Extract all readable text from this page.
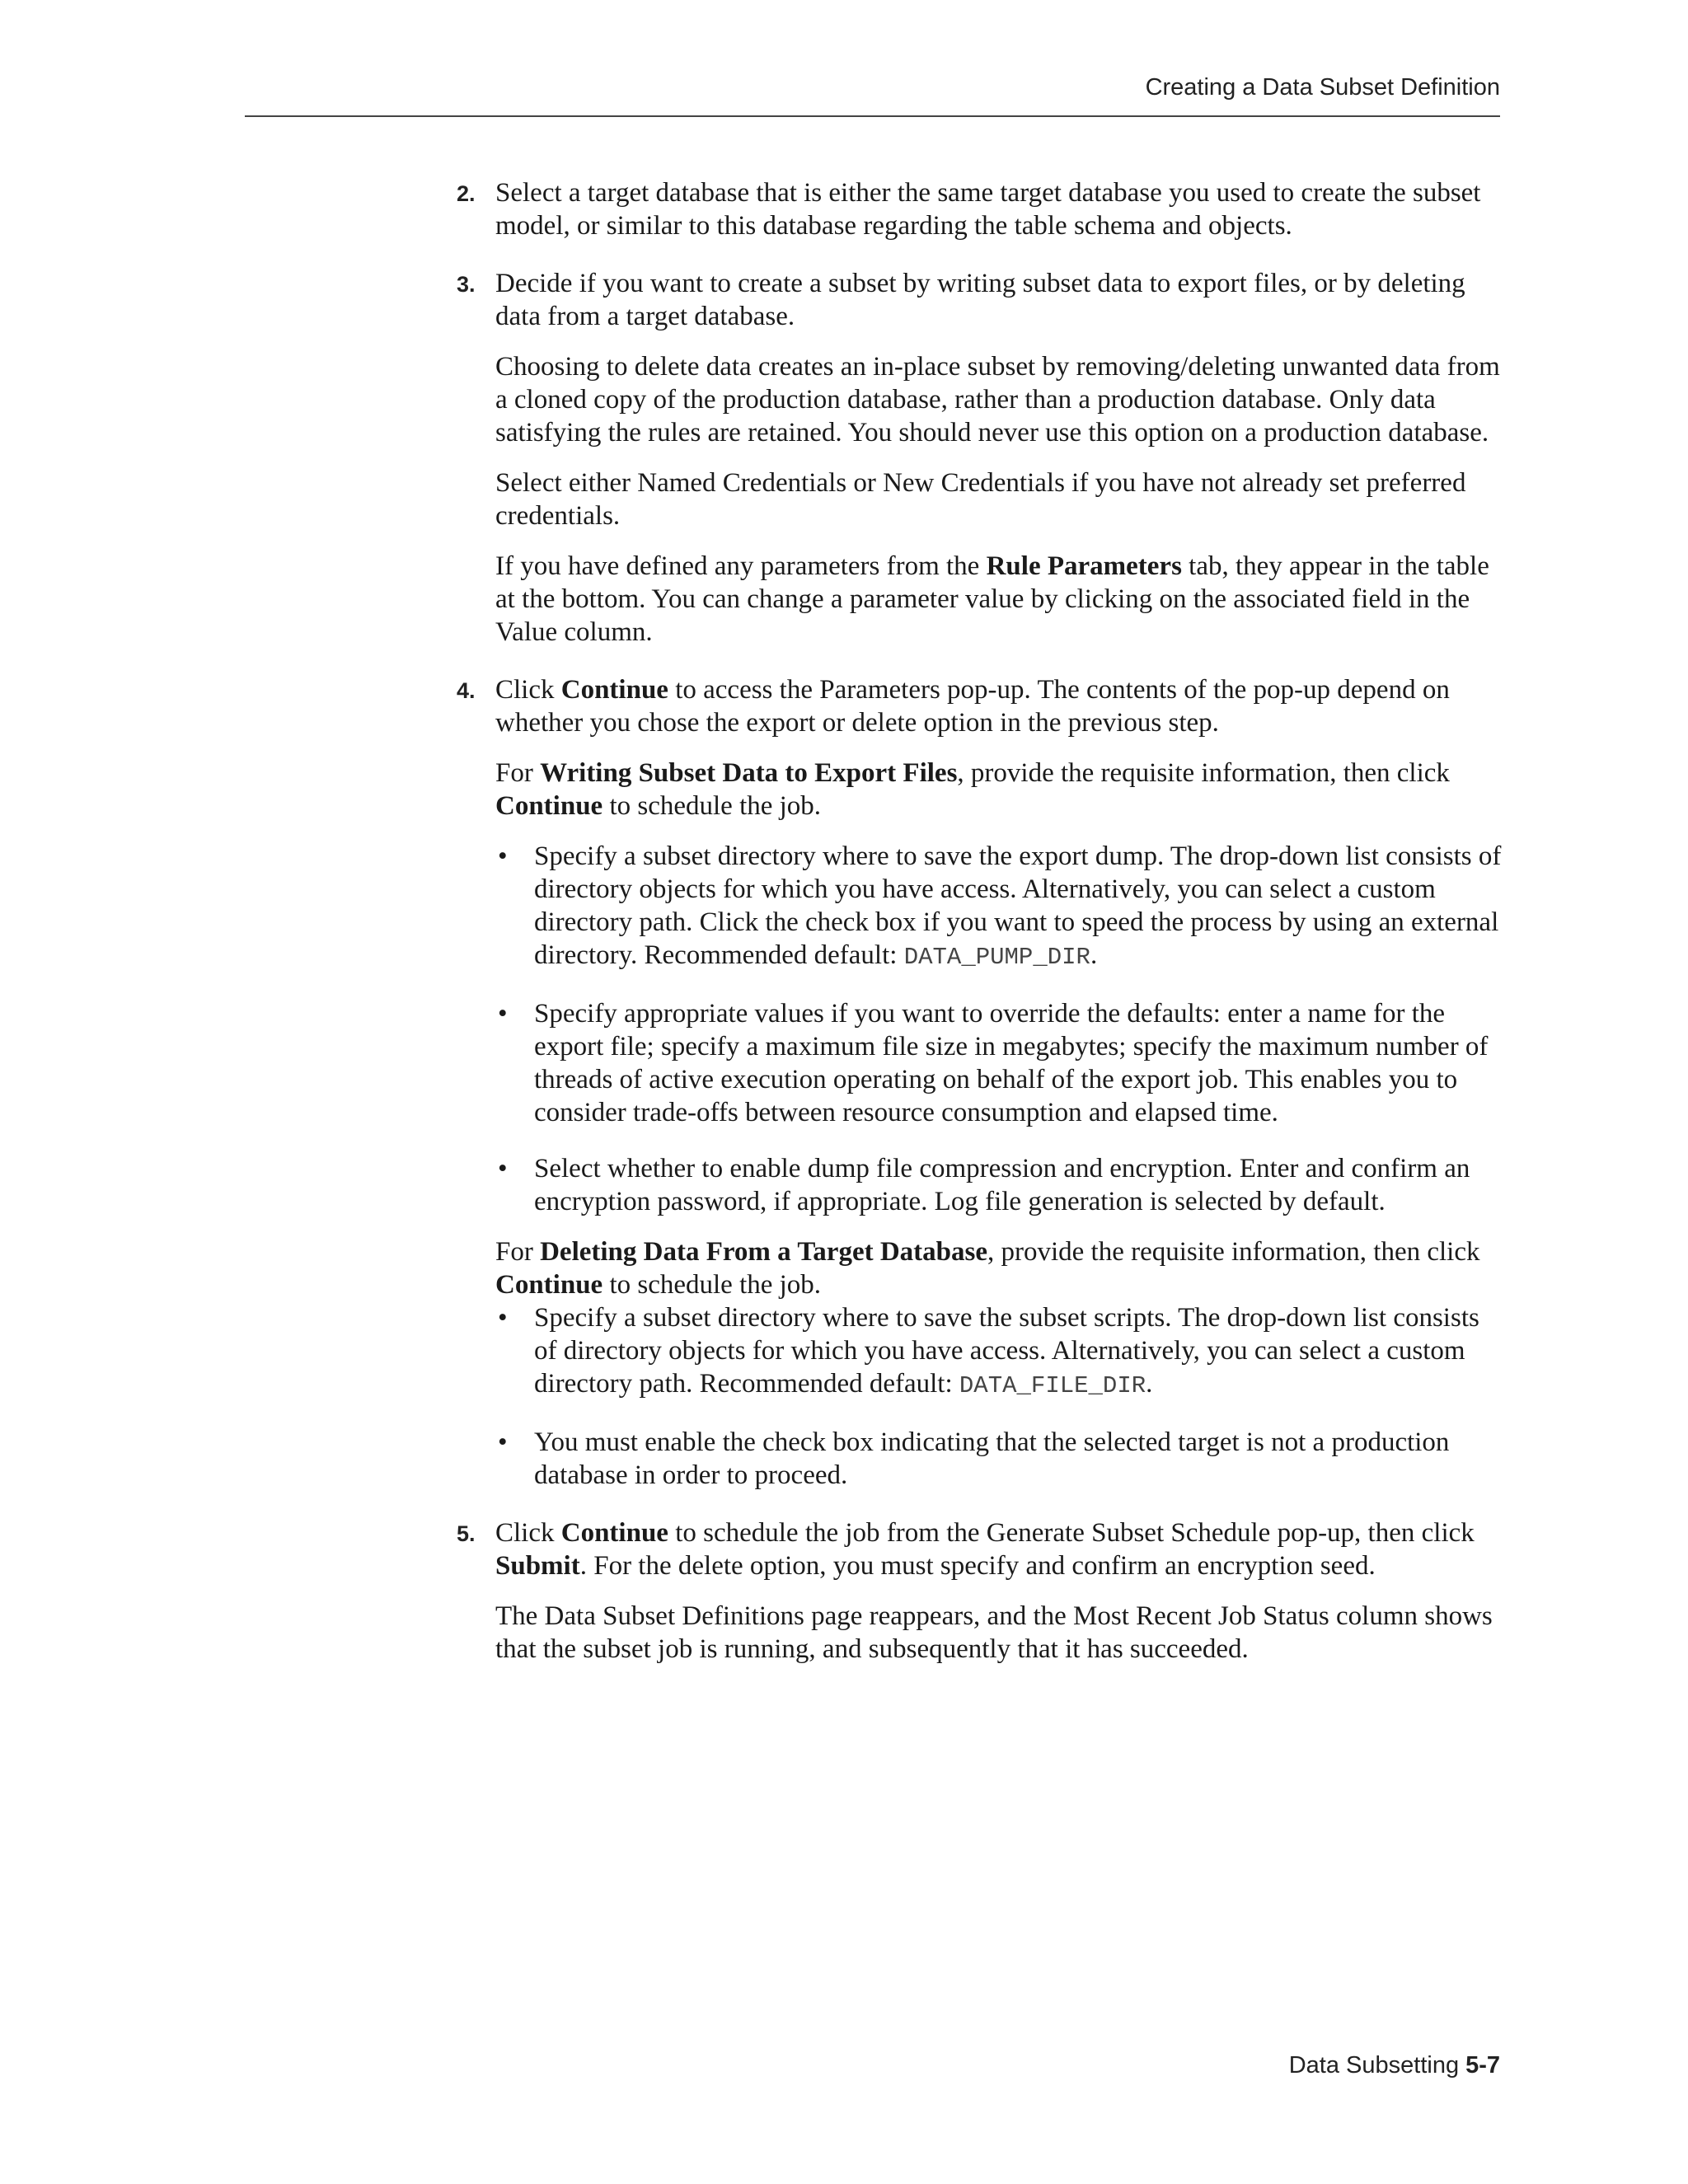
Creating a Data Subset Definition
2. Select a target database that is either the same target database you used to create the subset model, or similar to this database regarding the table schema and objects.

3. Decide if you want to create a subset by writing subset data to export files, or by deleting data from a target database.

Choosing to delete data creates an in-place subset by removing/deleting unwanted data from a cloned copy of the production database, rather than a production database. Only data satisfying the rules are retained. You should never use this option on a production database.

Select either Named Credentials or New Credentials if you have not already set preferred credentials.

If you have defined any parameters from the Rule Parameters tab, they appear in the table at the bottom. You can change a parameter value by clicking on the associated field in the Value column.

4. Click Continue to access the Parameters pop-up. The contents of the pop-up depend on whether you chose the export or delete option in the previous step.

For Writing Subset Data to Export Files, provide the requisite information, then click Continue to schedule the job.

• Specify a subset directory where to save the export dump. The drop-down list consists of directory objects for which you have access. Alternatively, you can select a custom directory path. Click the check box if you want to speed the process by using an external directory. Recommended default: DATA_PUMP_DIR.
• Specify appropriate values if you want to override the defaults: enter a name for the export file; specify a maximum file size in megabytes; specify the maximum number of threads of active execution operating on behalf of the export job. This enables you to consider trade-offs between resource consumption and elapsed time.
• Select whether to enable dump file compression and encryption. Enter and confirm an encryption password, if appropriate. Log file generation is selected by default.

For Deleting Data From a Target Database, provide the requisite information, then click Continue to schedule the job.

• Specify a subset directory where to save the subset scripts. The drop-down list consists of directory objects for which you have access. Alternatively, you can select a custom directory path. Recommended default: DATA_FILE_DIR.
• You must enable the check box indicating that the selected target is not a production database in order to proceed.
5. Click Continue to schedule the job from the Generate Subset Schedule pop-up, then click Submit. For the delete option, you must specify and confirm an encryption seed.

The Data Subset Definitions page reappears, and the Most Recent Job Status column shows that the subset job is running, and subsequently that it has succeeded.

Data Subsetting 5-7
